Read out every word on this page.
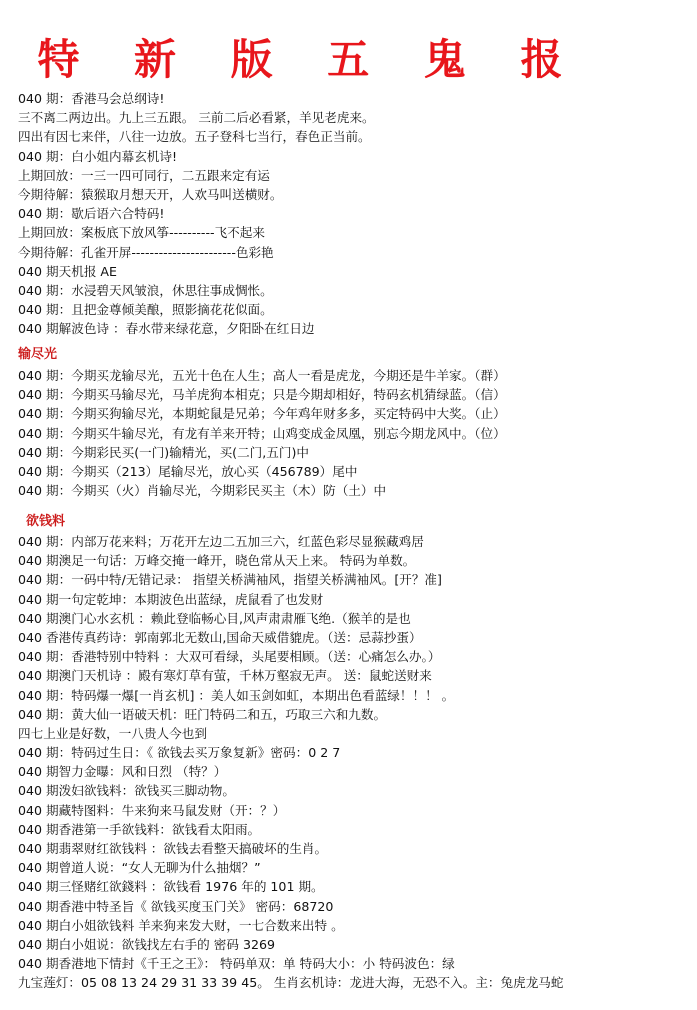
特 新 版 五 鬼 报
040 期：香港马会总纲诗!
三不离二两边出。九上三五跟。 三前二后必看紧，羊见老虎来。
四出有因七来伴，八往一边放。五子登科七当行，春色正当前。
040 期：白小姐内幕玄机诗!
上期回放：一三一四可同行，二五跟来定有运
今期待解：猿猴取月想天开，人欢马叫送横财。
040 期：歇后语六合特码!
上期回放：案板底下放风筝----------飞不起来
今期待解：孔雀开屏-----------------------色彩艳
040 期天机报 AE
040 期：水浸碧天风皱浪，休思往事成惆怅。
040 期：且把金尊倾美酿，照影摘花花似面。
040 期解波色诗 ：春水带来绿花意，夕阳卧在红日边
输尽光
040 期：今期买龙输尽光，五光十色在人生；高人一看是虎龙，今期还是牛羊家。（群）
040 期：今期买马输尽光，马羊虎狗本相克；只是今期却相好，特码玄机猜绿蓝。（信）
040 期：今期买狗输尽光，本期蛇鼠是兄弟；今年鸡年财多多，买定特码中大奖。（止）
040 期：今期买牛输尽光，有龙有羊来开特；山鸡变成金凤凰，别忘今期龙风中。（位）
040 期：今期彩民买(一门)输精光，买(二门,五门)中
040 期：今期买（213）尾输尽光，放心买（456789）尾中
040 期：今期买（火）肖输尽光，今期彩民买主（木）防（土）中
欲钱料
040 期：内部万花来料；万花开左边二五加三六，红蓝色彩尽显猴藏鸡居
040 期澳足一句话：万峰交掩一峰开，晓色常从天上来。 特码为单数。
040 期：一码中特/无错记录： 指望关桥满袖风，指望关桥满袖风。[开？准]
040 期一句定乾坤：本期波色出蓝绿，虎鼠看了也发财
040 期澳门心水玄机 ：赖此登临畅心目,风声肃肃雁飞绝.（猴羊的是也
040 香港传真药诗：郭南郭北无数山,国命天威借貔虎。（送：忌蒜抄蛋）
040 期：香港特别中特料 ：大双可看绿，头尾要相顾。（送：心痛怎么办。）
040 期澳门天机诗 ：殿有寒灯草有萤，千林万壑寂无声。 送：鼠蛇送财来
040 期：特码爆一爆[一肖玄机] ：美人如玉剑如虹，本期出色看蓝绿！！！ 。
040 期：黄大仙一语破天机：旺门特码二和五，巧取三六和九数。
四七上业是好数，一八贵人今也到
040 期：特码过生日：《 欲钱去买万象复新》密码：0 2 7
040 期智力金曝：风和日烈 （特？）
040 期泼妇欲钱料：欲钱买三脚动物。
040 期藏特图料：牛来狗来马鼠发财（开：？）
040 期香港第一手欲钱料：欲钱看太阳雨。
040 期翡翠财红欲钱料 ：欲钱去看整天搞破坏的生肖。
040 期曾道人说：“女人无聊为什么抽烟？”
040 期三怪赌红欲錢料 ：欲钱看 1976 年的 101 期。
040 期香港中特圣旨《 欲钱买度玉门关》 密码：68720
040 期白小姐欲钱料 羊来狗来发大财，一七合数来出特 。
040 期白小姐说：欲钱找左右手的 密码 3269
040 期香港地下情封《千王之王》： 特码单双：单 特码大小：小 特码波色：绿
九宝莲灯：05 08 13 24 29 31 33 39 45。 生肖玄机诗：龙进大海，无恐不入。主：兔虎龙马蛇
